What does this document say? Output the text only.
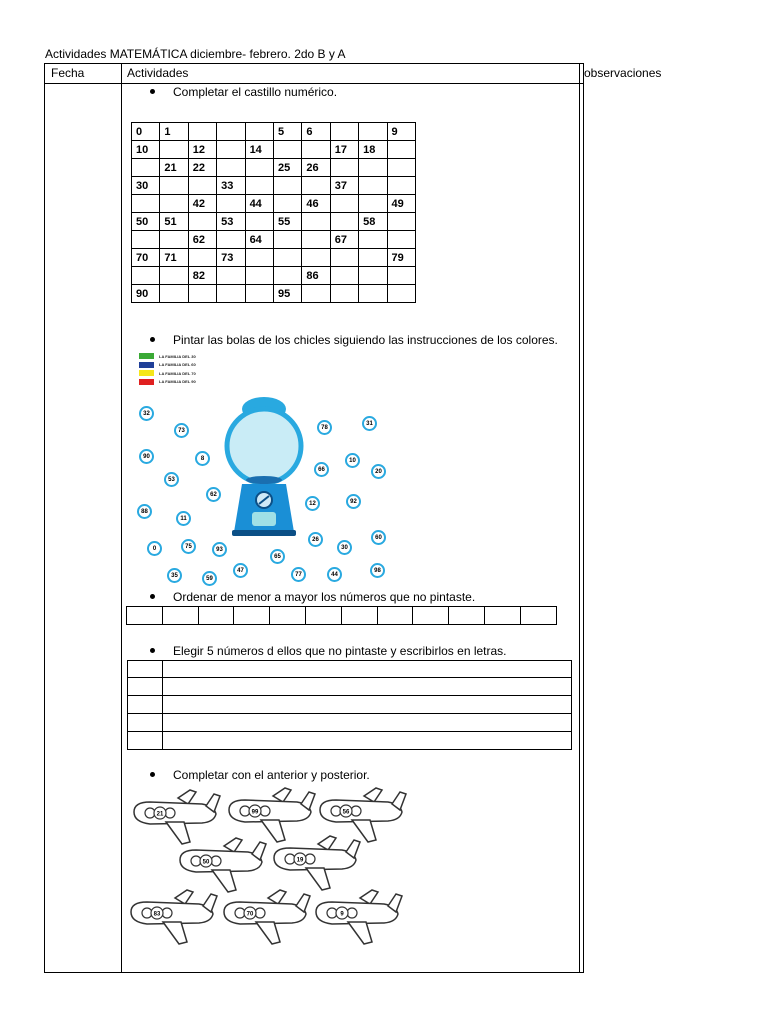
Actividades MATEMÁTICA diciembre- febrero. 2do B y A
Fecha	Actividades	observaciones
Completar el castillo numérico.
0	1				5	6			9
10		12		14			17	18	
	21	22			25	26			
30			33				37		
		42		44		46			49
50	51		53		55			58	
		62		64			67		
70	71		73						79
		82				86			
90					95				
Pintar las bolas de los chicles siguiendo las instrucciones de los colores.
LA FAMILIA DEL 30
LA FAMILIA DEL 60
LA FAMILIA DEL 70
LA FAMILIA DEL 90
32
73
90	8
53
62
88
11
0	75	93
35	59
47
65
78
31
66
10
20
12	92
26
30
60
77	44
98
Ordenar de menor a mayor los números que no pintaste.
Elegir 5 números d ellos que no pintaste y escribirlos en letras.
Completar con el anterior y posterior.
21	99	56
50	19
83	70	9
